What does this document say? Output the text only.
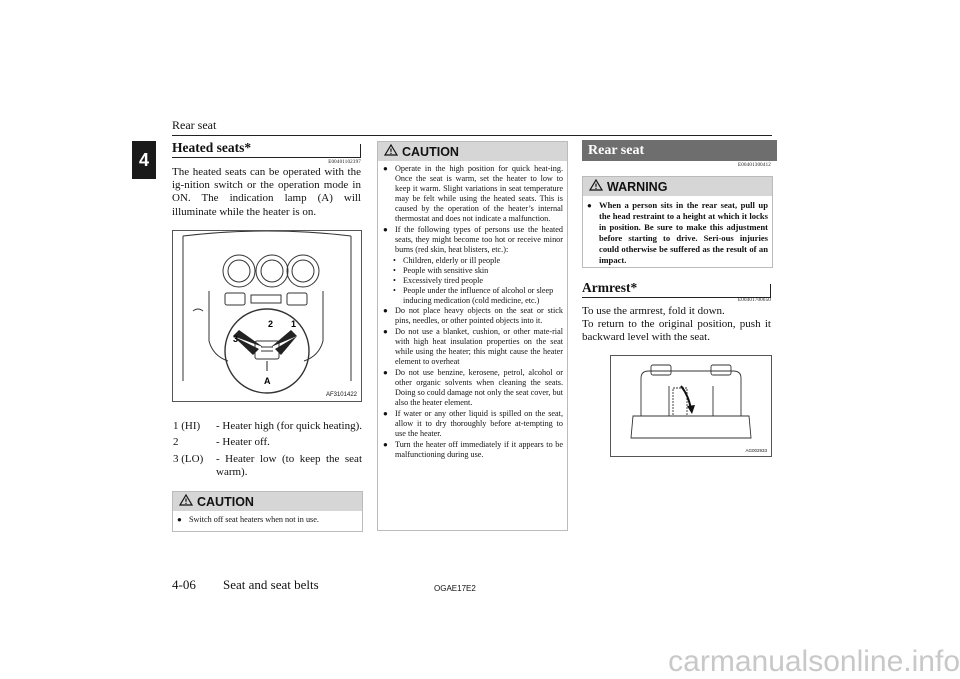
Rear seat
4
Heated seats*
E00401102397
The heated seats can be operated with the ig-nition switch or the operation mode in ON. The indication lamp (A) will illuminate while the heater is on.
2 1
3
A
AF3101422
1 (HI) - Heater high (for quick heating).
2	- Heater off.
3 (LO) - Heater low (to keep the seat warm).
CAUTION
● Switch off seat heaters when not in use.
CAUTION
● Operate in the high position for quick heat-ing. Once the seat is warm, set the heater to low to keep it warm. Slight variations in seat temperature may be felt while using the heated seats. This is caused by the operation of the heater’s internal thermostat and does not indicate a malfunction.
● If the following types of persons use the heated seats, they might become too hot or receive minor burns (red skin, heat blisters, etc.):
• Children, elderly or ill people
• People with sensitive skin
• Excessively tired people
• People under the influence of alcohol or sleep inducing medication (cold medicine, etc.)
● Do not place heavy objects on the seat or stick pins, needles, or other pointed objects into it.
● Do not use a blanket, cushion, or other mate-rial with high heat insulation properties on the seat while using the heater; this might cause the heater element to overheat
● Do not use benzine, kerosene, petrol, alcohol or other organic solvents when cleaning the seats. Doing so could damage not only the seat cover, but also the heater element.
● If water or any other liquid is spilled on the seat, allow it to dry thoroughly before at-tempting to use the heater.
● Turn the heater off immediately if it appears to be malfunctioning during use.
Rear seat
E00401300412
WARNING
● When a person sits in the rear seat, pull up the head restraint to a height at which it locks in position. Be sure to make this adjustment before starting to drive. Seri-ous injuries could otherwise be suffered as the result of an impact.
Armrest*
E00401700650
To use the armrest, fold it down.
To return to the original position, push it backward level with the seat.
AG002933
4-06 Seat and seat belts	OGAE17E2
carmanualsonline.info
